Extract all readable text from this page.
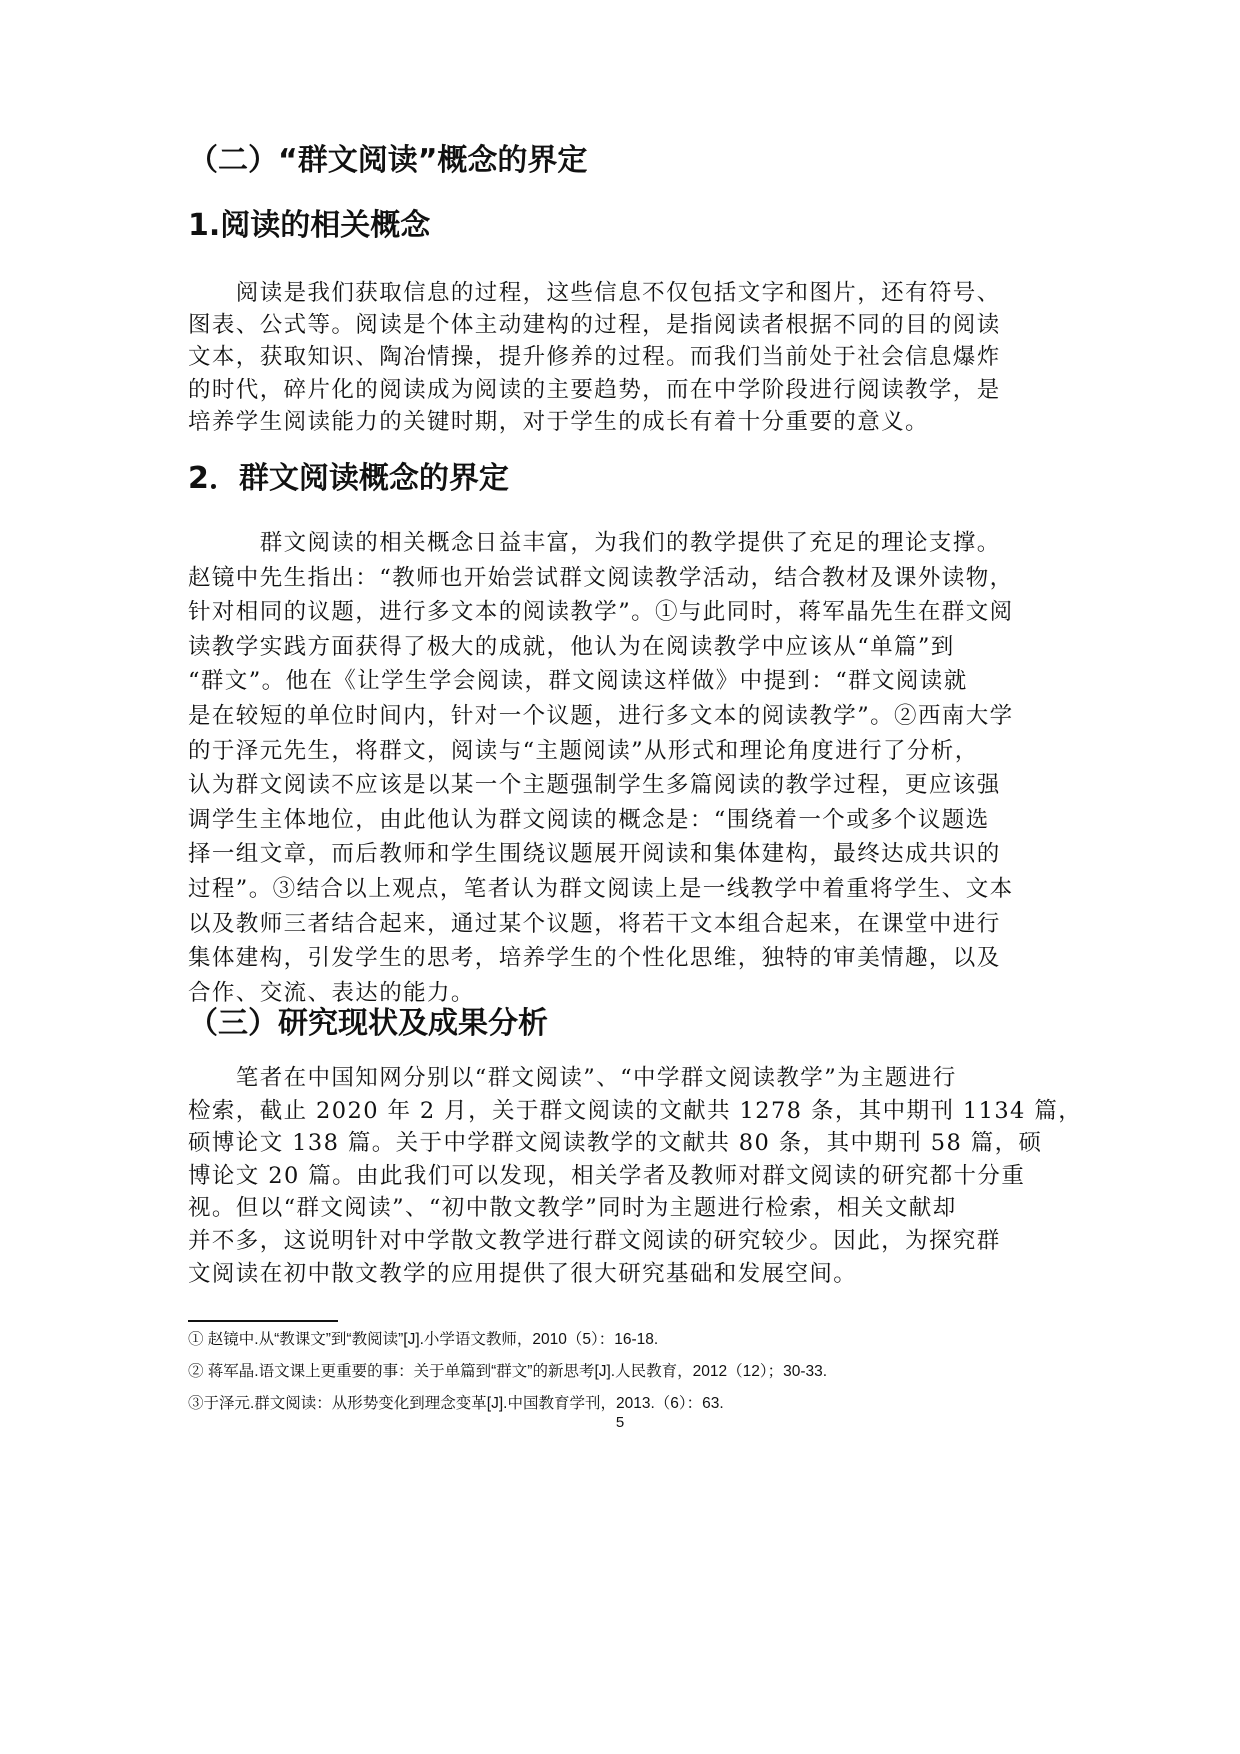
（二）“群文阅读”概念的界定
1.阅读的相关概念
　　阅读是我们获取信息的过程，这些信息不仅包括文字和图片，还有符号、
图表、公式等。阅读是个体主动建构的过程，是指阅读者根据不同的目的阅读
文本，获取知识、陶冶情操，提升修养的过程。而我们当前处于社会信息爆炸
的时代，碎片化的阅读成为阅读的主要趋势，而在中学阶段进行阅读教学，是
培养学生阅读能力的关键时期，对于学生的成长有着十分重要的意义。
2．群文阅读概念的界定
　　　群文阅读的相关概念日益丰富，为我们的教学提供了充足的理论支撑。
赵镜中先生指出：“教师也开始尝试群文阅读教学活动，结合教材及课外读物，
针对相同的议题，进行多文本的阅读教学”。①与此同时，蒋军晶先生在群文阅
读教学实践方面获得了极大的成就，他认为在阅读教学中应该从“单篇”到
“群文”。他在《让学生学会阅读，群文阅读这样做》中提到：“群文阅读就
是在较短的单位时间内，针对一个议题，进行多文本的阅读教学”。②西南大学
的于泽元先生，将群文，阅读与“主题阅读”从形式和理论角度进行了分析，
认为群文阅读不应该是以某一个主题强制学生多篇阅读的教学过程，更应该强
调学生主体地位，由此他认为群文阅读的概念是：“围绕着一个或多个议题选
择一组文章，而后教师和学生围绕议题展开阅读和集体建构，最终达成共识的
过程”。③结合以上观点，笔者认为群文阅读上是一线教学中着重将学生、文本
以及教师三者结合起来，通过某个议题，将若干文本组合起来，在课堂中进行
集体建构，引发学生的思考，培养学生的个性化思维，独特的审美情趣，以及
合作、交流、表达的能力。
（三）研究现状及成果分析
　　笔者在中国知网分别以“群文阅读”、“中学群文阅读教学”为主题进行
检索，截止 2020 年 2 月，关于群文阅读的文献共 1278 条，其中期刊 1134 篇，
硕博论文 138 篇。关于中学群文阅读教学的文献共 80 条，其中期刊 58 篇，硕
博论文 20 篇。由此我们可以发现，相关学者及教师对群文阅读的研究都十分重
视。但以“群文阅读”、“初中散文教学”同时为主题进行检索，相关文献却
并不多，这说明针对中学散文教学进行群文阅读的研究较少。因此，为探究群
文阅读在初中散文教学的应用提供了很大研究基础和发展空间。
① 赵镜中.从“教课文”到“教阅读”[J].小学语文教师，2010（5）：16-18.
② 蒋军晶.语文课上更重要的事：关于单篇到“群文”的新思考[J].人民教育，2012（12）；30-33.
③于泽元.群文阅读：从形势变化到理念变革[J].中国教育学刊，2013.（6）：63.
5
